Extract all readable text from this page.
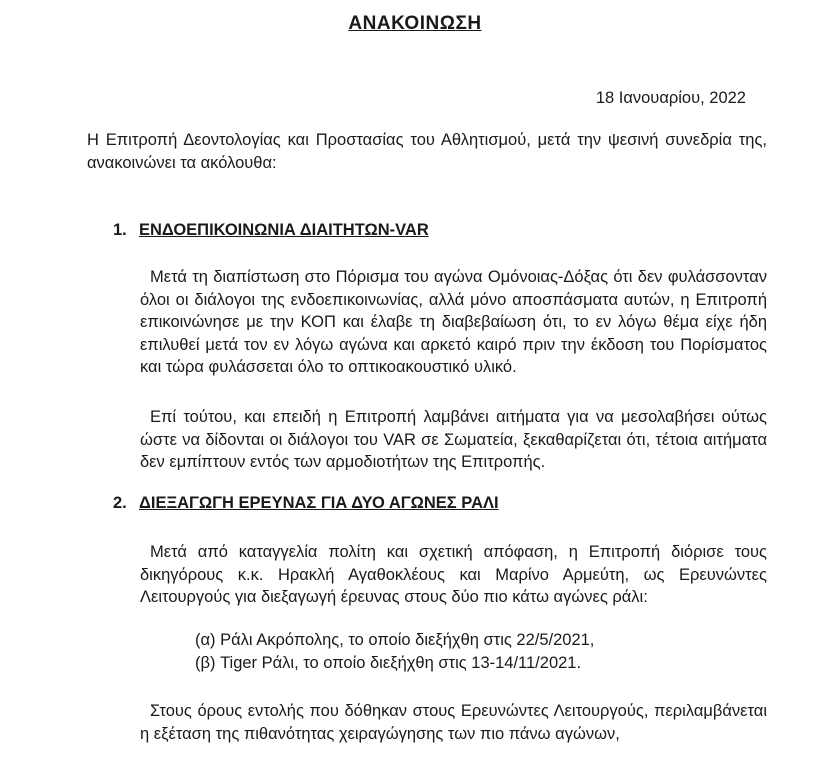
ΑΝΑΚΟΙΝΩΣΗ
18 Ιανουαρίου, 2022

Η Επιτροπή Δεοντολογίας και Προστασίας του Αθλητισμού, μετά την ψεσινή συνεδρία της, ανακοινώνει τα ακόλουθα:

1. ΕΝΔΟΕΠΙΚΟΙΝΩΝΙΑ ΔΙΑΙΤΗΤΩΝ-VAR

Μετά τη διαπίστωση στο Πόρισμα του αγώνα Ομόνοιας-Δόξας ότι δεν φυλάσσονταν όλοι οι διάλογοι της ενδοεπικοινωνίας, αλλά μόνο αποσπάσματα αυτών, η Επιτροπή επικοινώνησε με την ΚΟΠ και έλαβε τη διαβεβαίωση ότι, το εν λόγω θέμα είχε ήδη επιλυθεί μετά τον εν λόγω αγώνα και αρκετό καιρό πριν την έκδοση του Πορίσματος και τώρα φυλάσσεται όλο το οπτικοακουστικό υλικό.

Επί τούτου, και επειδή η Επιτροπή λαμβάνει αιτήματα για να μεσολαβήσει ούτως ώστε να δίδονται οι διάλογοι του VAR σε Σωματεία, ξεκαθαρίζεται ότι, τέτοια αιτήματα δεν εμπίπτουν εντός των αρμοδιοτήτων της Επιτροπής.

2. ΔΙΕΞΑΓΩΓΗ ΕΡΕΥΝΑΣ ΓΙΑ ΔΥΟ ΑΓΩΝΕΣ ΡΑΛΙ

Μετά από καταγγελία πολίτη και σχετική απόφαση, η Επιτροπή διόρισε τους δικηγόρους κ.κ. Ηρακλή Αγαθοκλέους και Μαρίνο Αρμεύτη, ως Ερευνώντες Λειτουργούς για διεξαγωγή έρευνας στους δύο πιο κάτω αγώνες ράλι:

(α) Ράλι Ακρόπολης, το οποίο διεξήχθη στις 22/5/2021,
(β) Tiger Ράλι, το οποίο διεξήχθη στις 13-14/11/2021.

Στους όρους εντολής που δόθηκαν στους Ερευνώντες Λειτουργούς, περιλαμβάνεται η εξέταση της πιθανότητας χειραγώγησης των πιο πάνω αγώνων,
